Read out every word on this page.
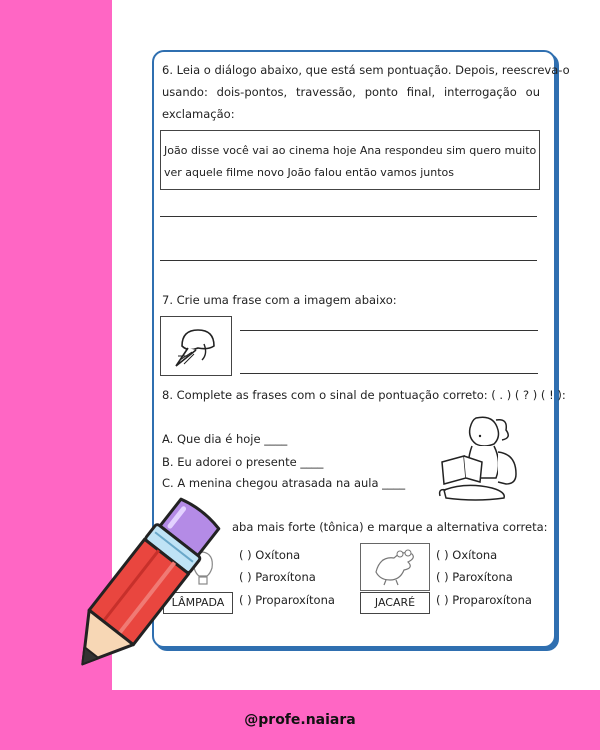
6. Leia o diálogo abaixo, que está sem pontuação. Depois, reescreva-o
usando: dois-pontos, travessão, ponto final, interrogação ou
exclamação:
João disse você vai ao cinema hoje Ana respondeu sim quero muito
ver aquele filme novo João falou então vamos juntos
7. Crie uma frase com a imagem abaixo:
8. Complete as frases com o sinal de pontuação correto: ( . ) ( ? ) ( ! ):
A. Que dia é hoje ____
B. Eu adorei o presente ____
C. A menina chegou atrasada na aula ____
aba mais forte (tônica) e marque a alternativa correta:
LÂMPADA
( ) Oxítona
( ) Paroxítona
( ) Proparoxítona	JACARÉ
( ) Oxítona
( ) Paroxítona
( ) Proparoxítona
@profe.naiara
